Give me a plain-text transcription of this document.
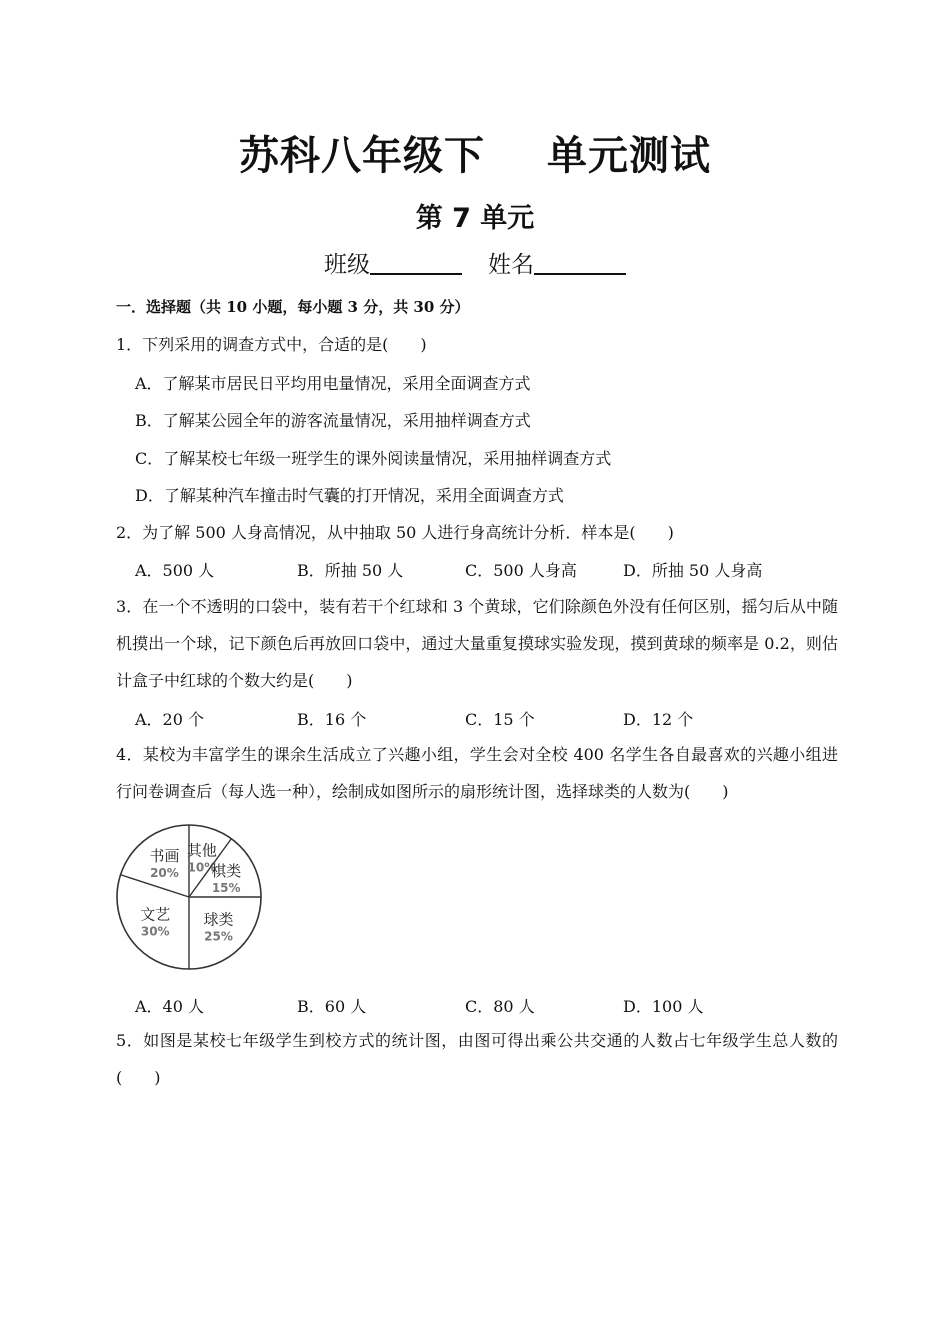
苏科八年级下 单元测试
第 7 单元
班级	姓名
一．选择题（共 10 小题，每小题 3 分，共 30 分）
1．下列采用的调查方式中，合适的是(　　)
A．了解某市居民日平均用电量情况，采用全面调查方式
B．了解某公园全年的游客流量情况，采用抽样调查方式
C．了解某校七年级一班学生的课外阅读量情况，采用抽样调查方式
D．了解某种汽车撞击时气囊的打开情况，采用全面调查方式
2．为了解 500 人身高情况，从中抽取 50 人进行身高统计分析．样本是(　　)
A．500 人	B．所抽 50 人	C．500 人身高	D．所抽 50 人身高
3．在一个不透明的口袋中，装有若干个红球和 3 个黄球，它们除颜色外没有任何区别，摇匀后从中随机摸出一个球，记下颜色后再放回口袋中，通过大量重复摸球实验发现，摸到黄球的频率是 0.2，则估计盒子中红球的个数大约是(　　)
A．20 个	B．16 个	C．15 个	D．12 个
4．某校为丰富学生的课余生活成立了兴趣小组，学生会对全校 400 名学生各自最喜欢的兴趣小组进行问卷调查后（每人选一种），绘制成如图所示的扇形统计图，选择球类的人数为(　　)
其他
10%
棋类
15%
球类
25%
文艺
30%
书画
20%
A．40 人	B．60 人	C．80 人	D．100 人
5．如图是某校七年级学生到校方式的统计图，由图可得出乘公共交通的人数占七年级学生总人数的(　　)
